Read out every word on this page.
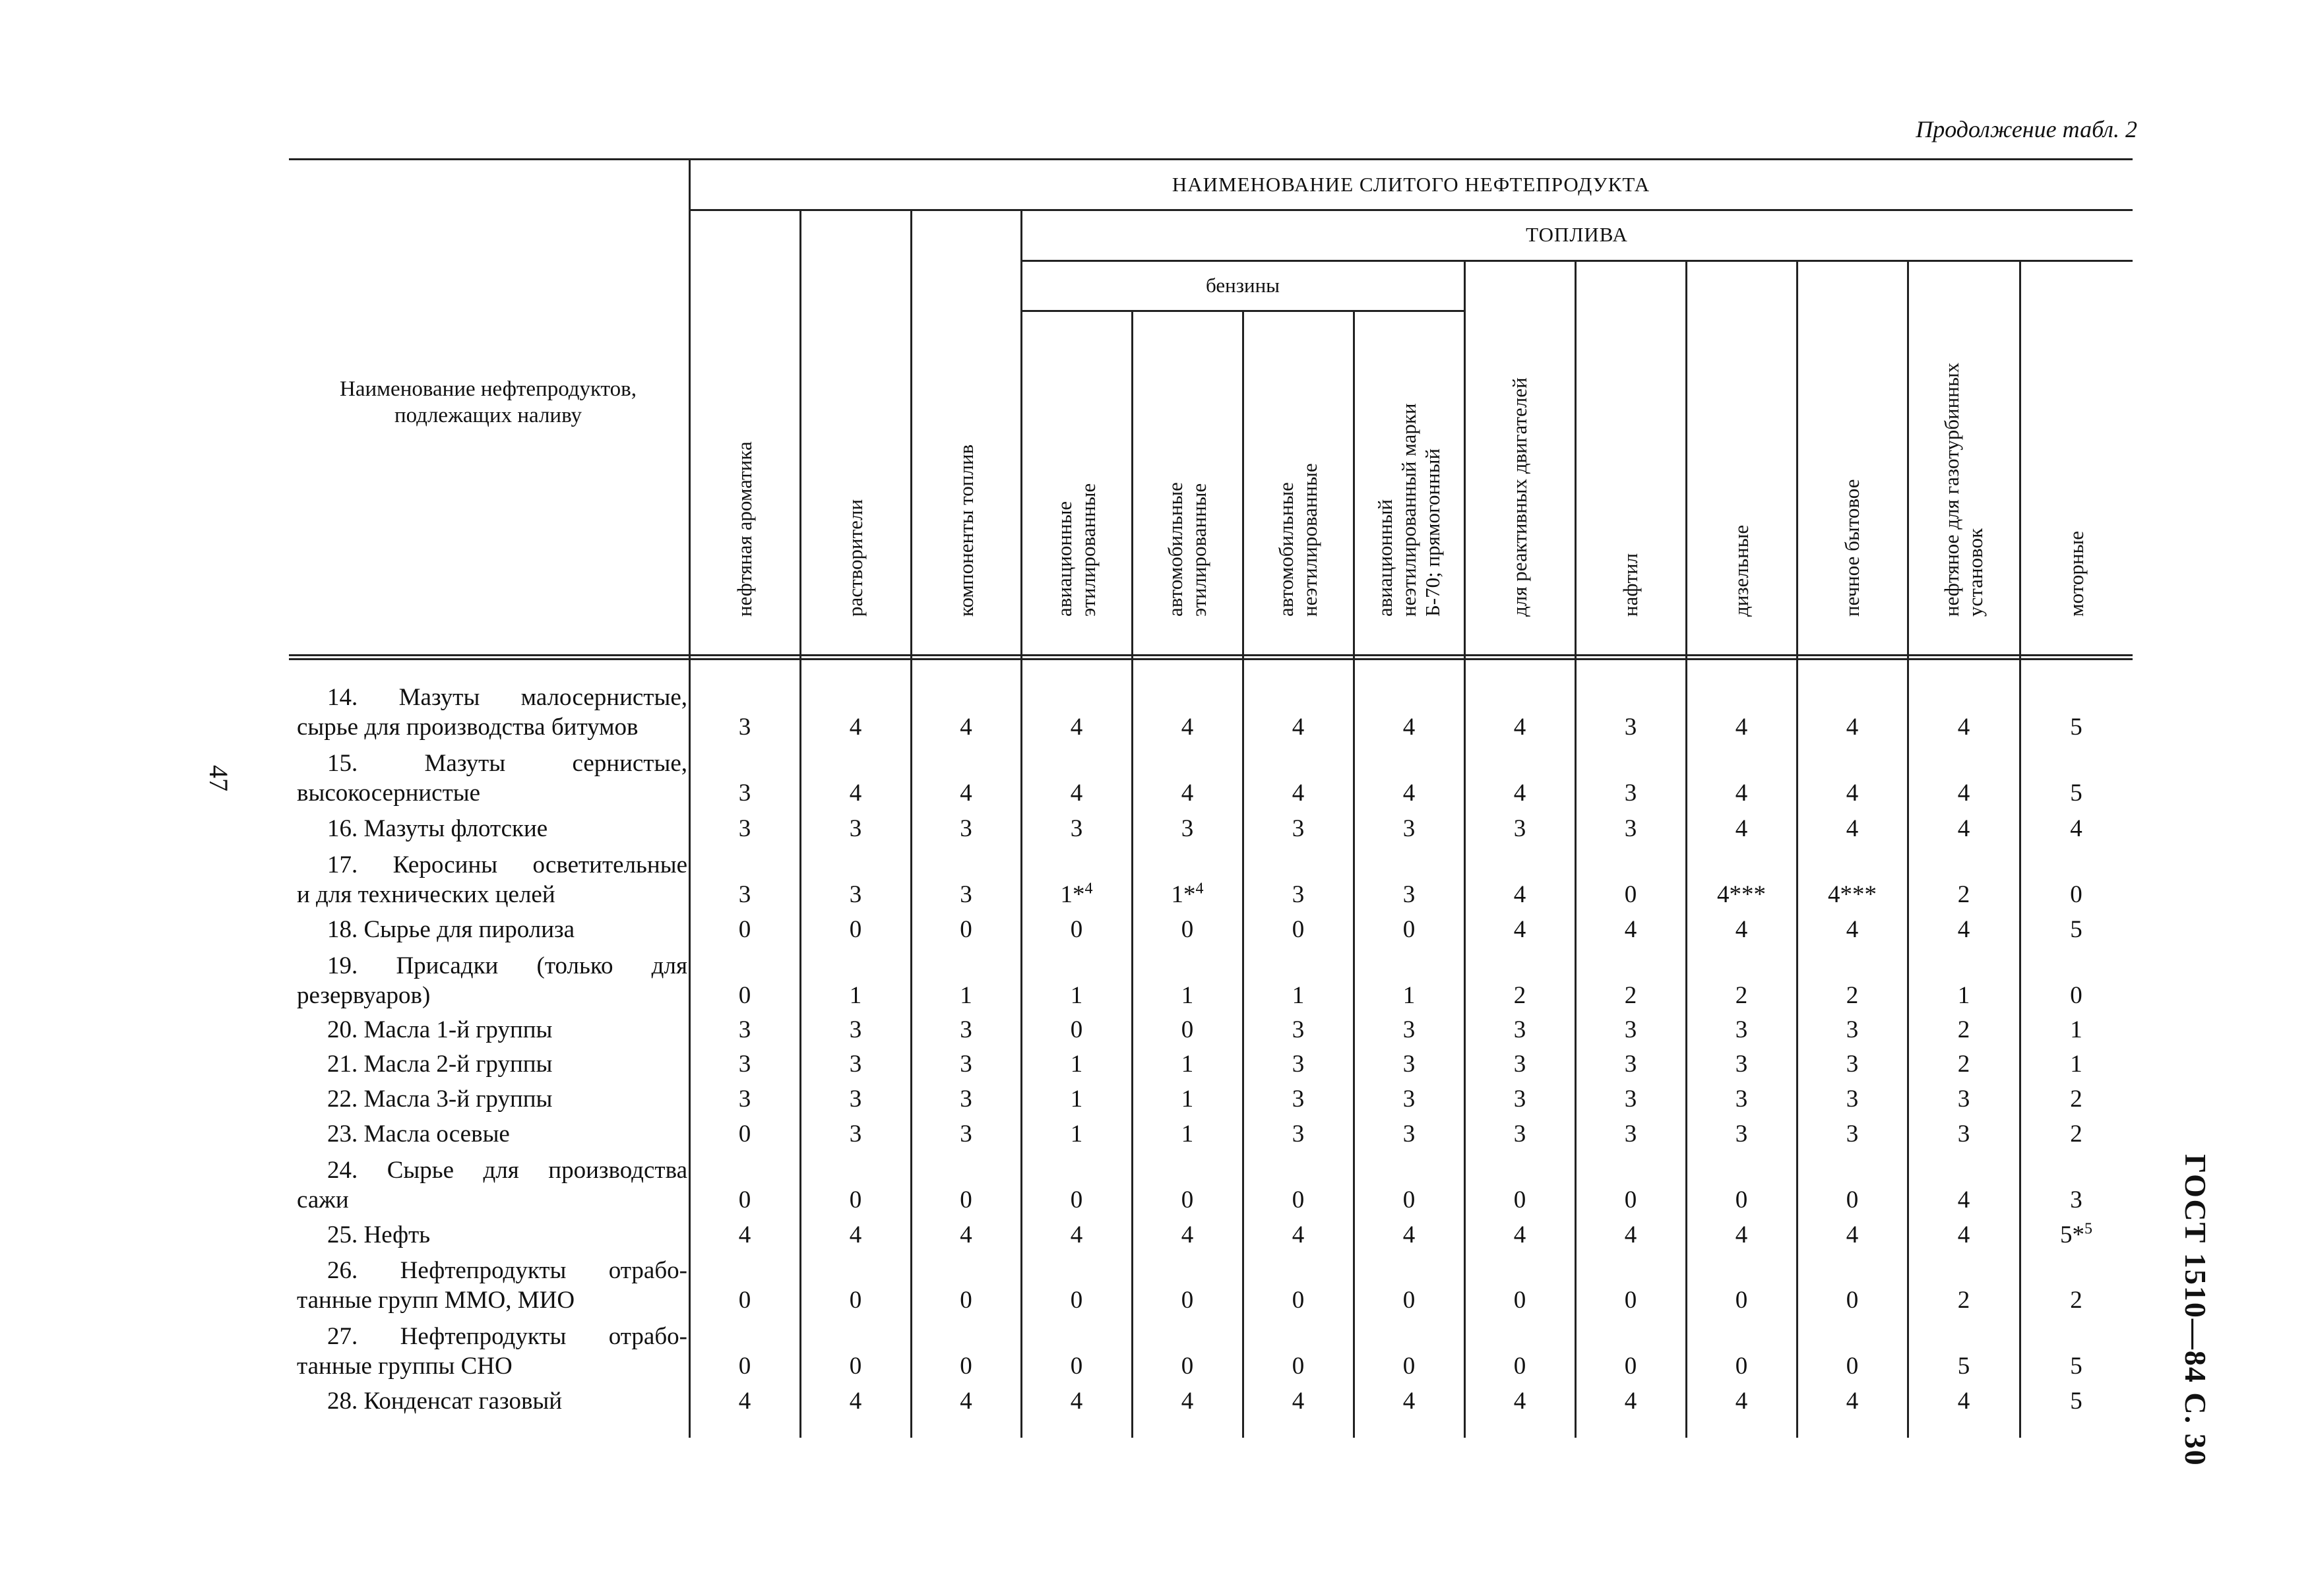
Продолжение табл. 2
НАИМЕНОВАНИЕ СЛИТОГО НЕФТЕПРОДУКТА
ТОПЛИВА
бензины
Наименование нефтепродуктов,
подлежащих наливу
нефтяная ароматика	растворители	компоненты топлив	авиационные этилированные	автомобильные этилированные	автомобильные неэтилированные	авиационный неэтилированный марки Б-70; прямогонный	для реактивных двигателей	нафтил	дизельные	печное бытовое	нефтяное для газотурбинных установок	моторные
14. Мазуты малосернистые,
сырье для производства битумов	3	4	4	4	4	4	4	4	3	4	4	4	5
15. Мазуты сернистые,
высокосернистые	3	4	4	4	4	4	4	4	3	4	4	4	5
16. Мазуты флотские	3	3	3	3	3	3	3	3	3	4	4	4	4
17. Керосины осветительные
и для технических целей	3	3	3	1*$^4$	1*$^4$	3	3	4	0	4***	4***	2	0
18. Сырье для пиролиза	0	0	0	0	0	0	0	4	4	4	4	4	5
19. Присадки (только для
резервуаров)	0	1	1	1	1	1	1	2	2	2	2	1	0
20. Масла 1-й группы	3	3	3	0	0	3	3	3	3	3	3	2	1
21. Масла 2-й группы	3	3	3	1	1	3	3	3	3	3	3	2	1
22. Масла 3-й группы	3	3	3	1	1	3	3	3	3	3	3	3	2
23. Масла осевые	0	3	3	1	1	3	3	3	3	3	3	3	2
24. Сырье для производства
сажи	0	0	0	0	0	0	0	0	0	0	0	4	3
25. Нефть	4	4	4	4	4	4	4	4	4	4	4	4	5*$^5$
26. Нефтепродукты отрабо-
танные групп ММО, МИО	0	0	0	0	0	0	0	0	0	0	0	2	2
27. Нефтепродукты отрабо-
танные группы СНО	0	0	0	0	0	0	0	0	0	0	0	5	5
28. Конденсат газовый	4	4	4	4	4	4	4	4	4	4	4	4	5
47
ГОСТ 1510—84 С. 30
